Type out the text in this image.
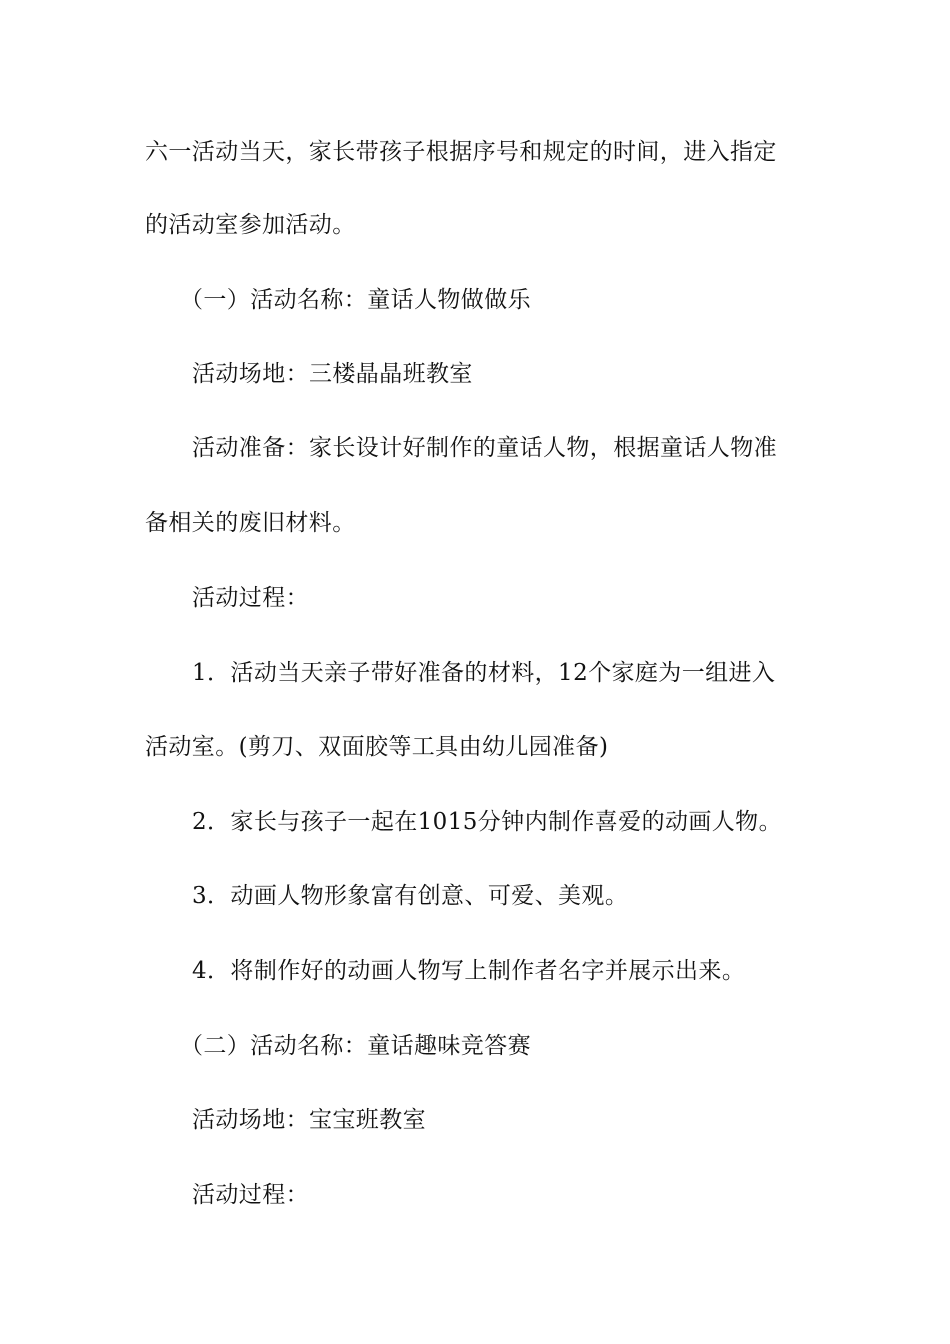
六一活动当天，家长带孩子根据序号和规定的时间，进入指定
的活动室参加活动。
（一）活动名称：童话人物做做乐
活动场地：三楼晶晶班教室
活动准备：家长设计好制作的童话人物，根据童话人物准
备相关的废旧材料。
活动过程：
1．活动当天亲子带好准备的材料，12个家庭为一组进入
活动室。(剪刀、双面胶等工具由幼儿园准备)
2．家长与孩子一起在1015分钟内制作喜爱的动画人物。
3．动画人物形象富有创意、可爱、美观。
4．将制作好的动画人物写上制作者名字并展示出来。
（二）活动名称：童话趣味竞答赛
活动场地：宝宝班教室
活动过程：
